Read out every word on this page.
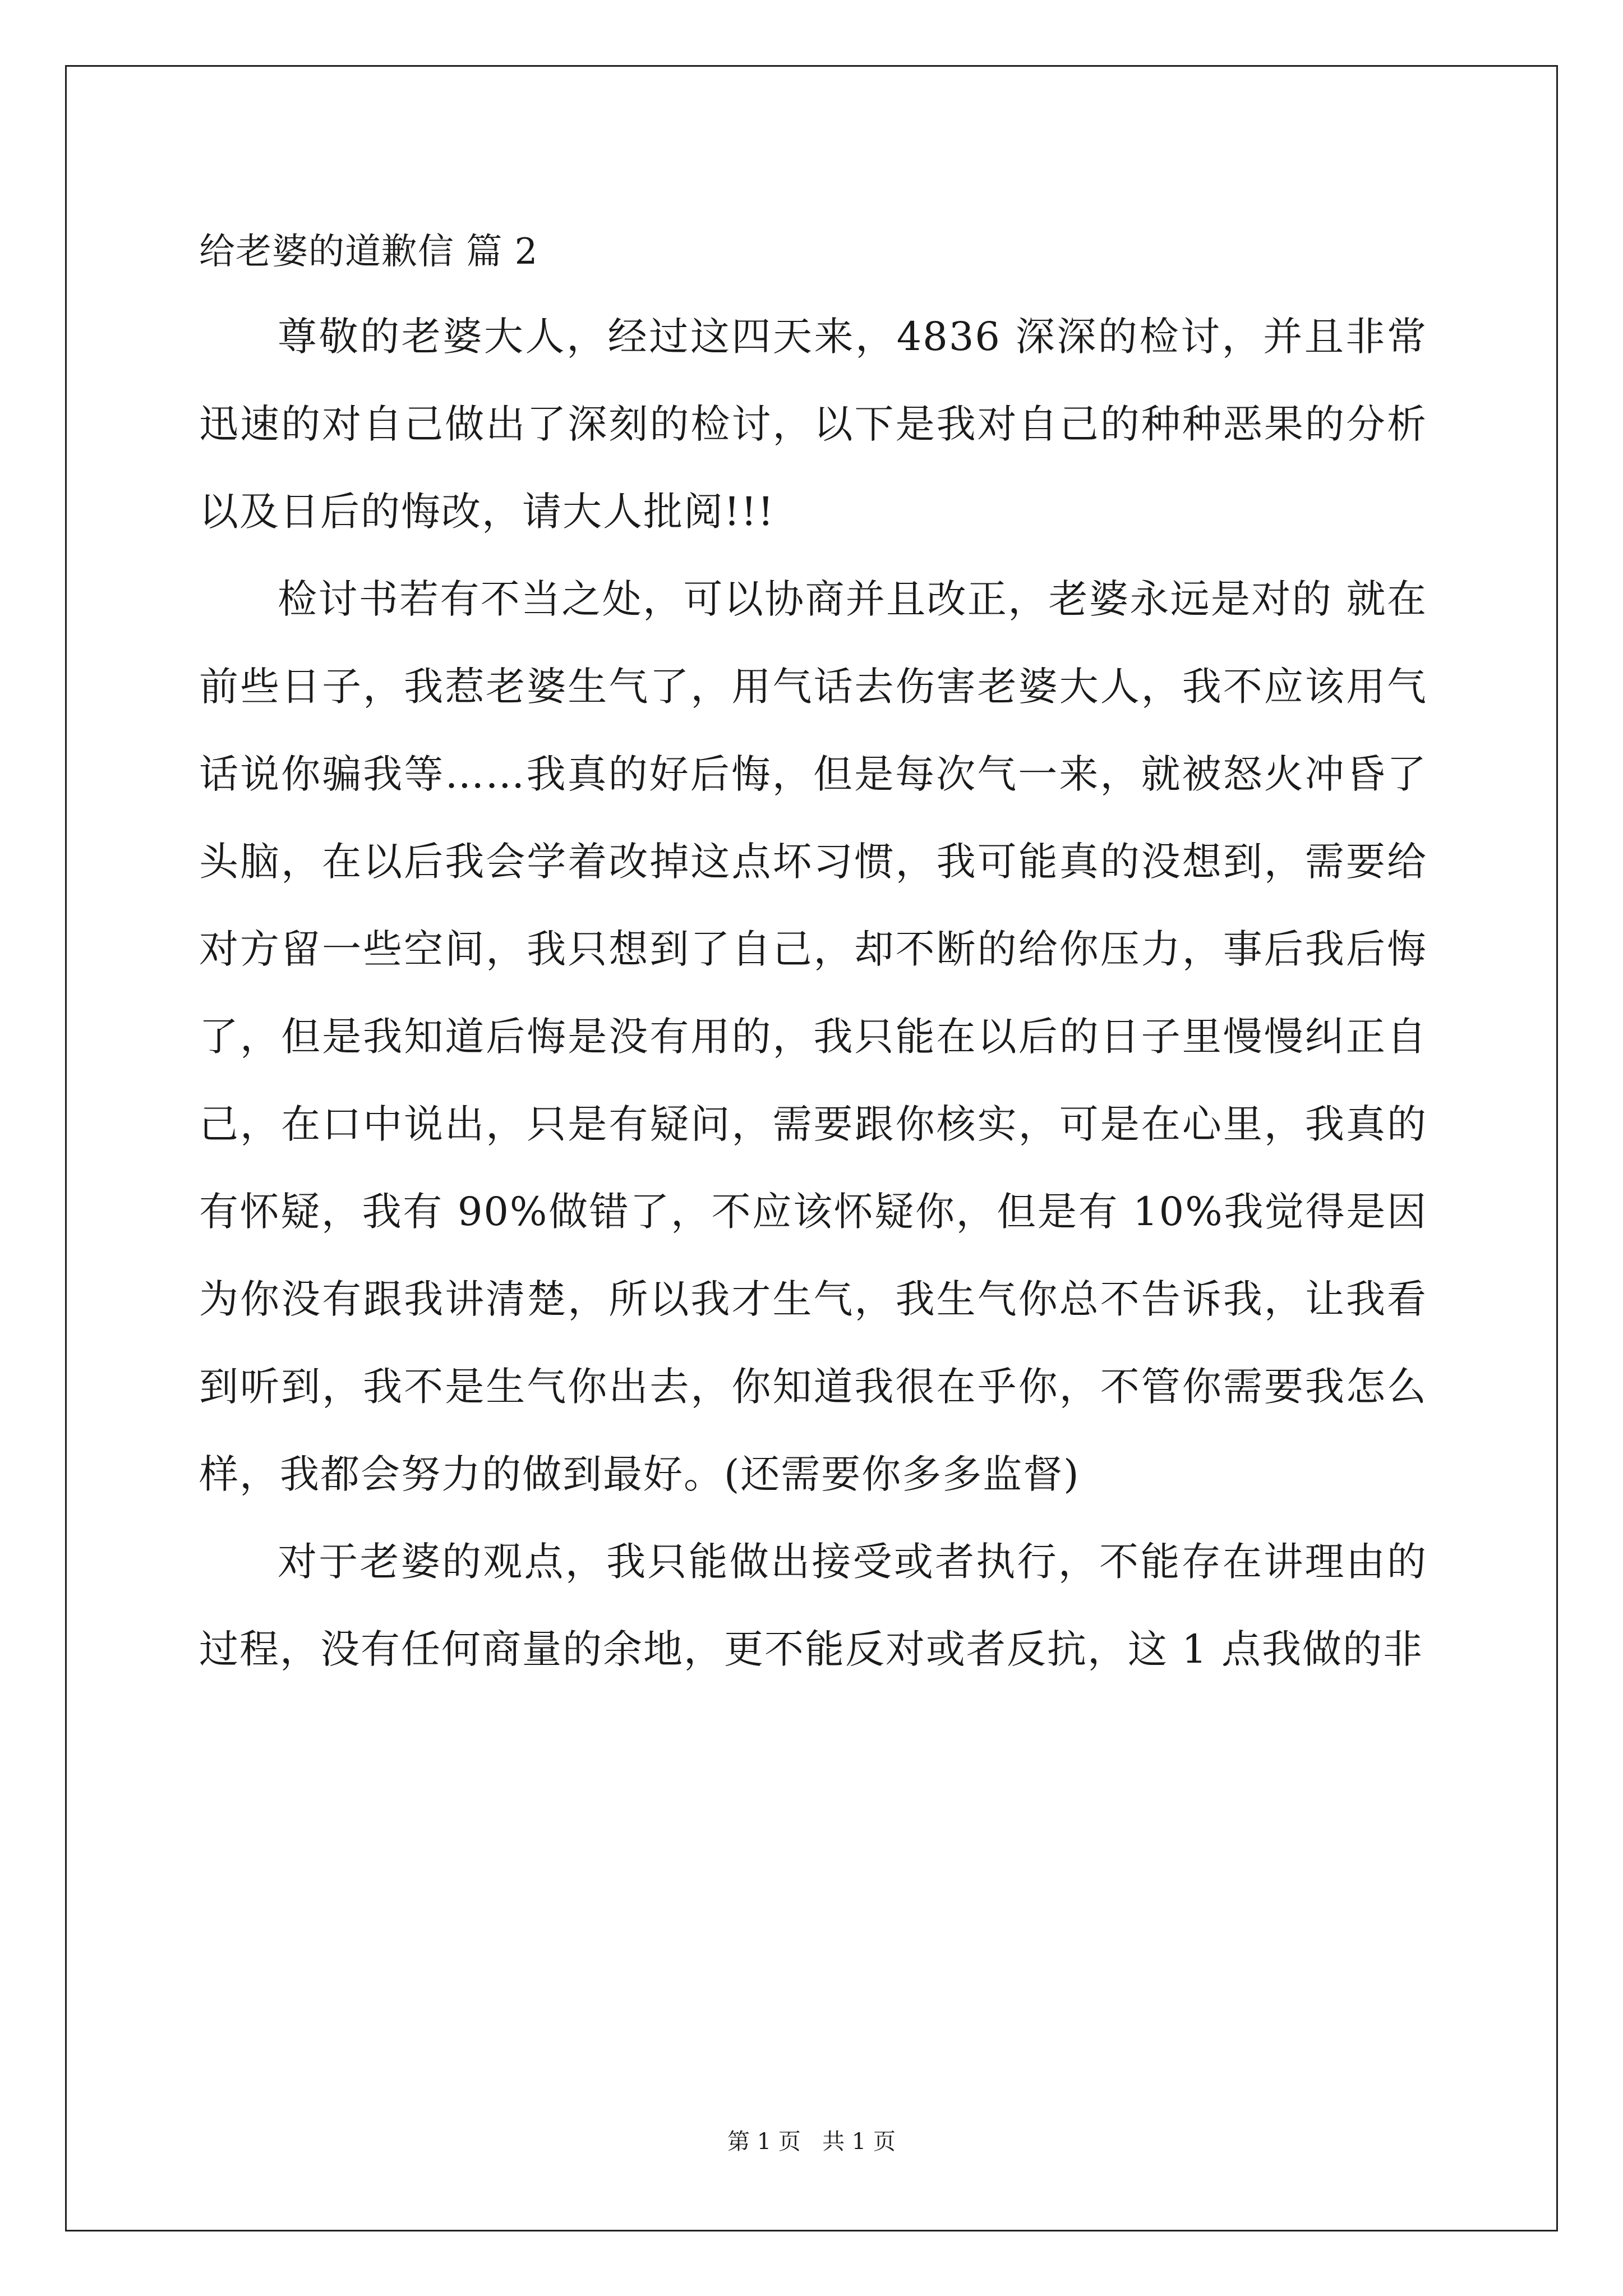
给老婆的道歉信 篇 2

尊敬的老婆大人，经过这四天来，4836 深深的检讨，并且非常迅速的对自己做出了深刻的检讨，以下是我对自己的种种恶果的分析以及日后的悔改，请大人批阅!!!

检讨书若有不当之处，可以协商并且改正，老婆永远是对的 就在前些日子，我惹老婆生气了，用气话去伤害老婆大人，我不应该用气话说你骗我等……我真的好后悔，但是每次气一来，就被怒火冲昏了头脑，在以后我会学着改掉这点坏习惯，我可能真的没想到，需要给对方留一些空间，我只想到了自己，却不断的给你压力，事后我后悔了，但是我知道后悔是没有用的，我只能在以后的日子里慢慢纠正自己，在口中说出，只是有疑问，需要跟你核实，可是在心里，我真的有怀疑，我有 90%做错了，不应该怀疑你，但是有 10%我觉得是因为你没有跟我讲清楚，所以我才生气，我生气你总不告诉我，让我看到听到，我不是生气你出去，你知道我很在乎你，不管你需要我怎么样，我都会努力的做到最好。(还需要你多多监督)

对于老婆的观点，我只能做出接受或者执行，不能存在讲理由的过程，没有任何商量的余地，更不能反对或者反抗，这 1 点我做的非

第 1 页   共 1 页
